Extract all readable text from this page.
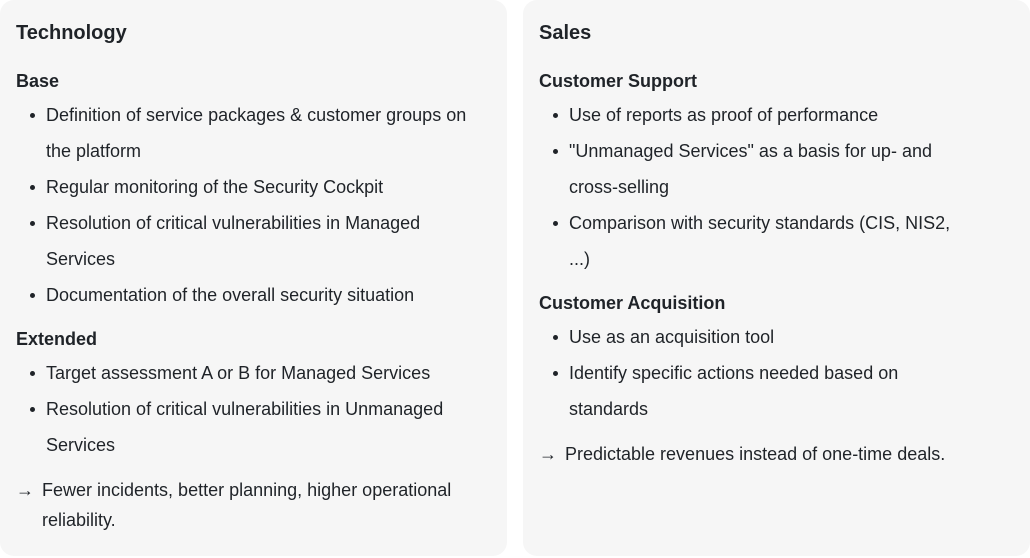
Technology
Base
Definition of service packages & customer groups on the platform
Regular monitoring of the Security Cockpit
Resolution of critical vulnerabilities in Managed Services
Documentation of the overall security situation
Extended
Target assessment A or B for Managed Services
Resolution of critical vulnerabilities in Unmanaged Services
→ Fewer incidents, better planning, higher operational reliability.
Sales
Customer Support
Use of reports as proof of performance
"Unmanaged Services" as a basis for up- and cross-selling
Comparison with security standards (CIS, NIS2, ...)
Customer Acquisition
Use as an acquisition tool
Identify specific actions needed based on standards
→ Predictable revenues instead of one-time deals.
